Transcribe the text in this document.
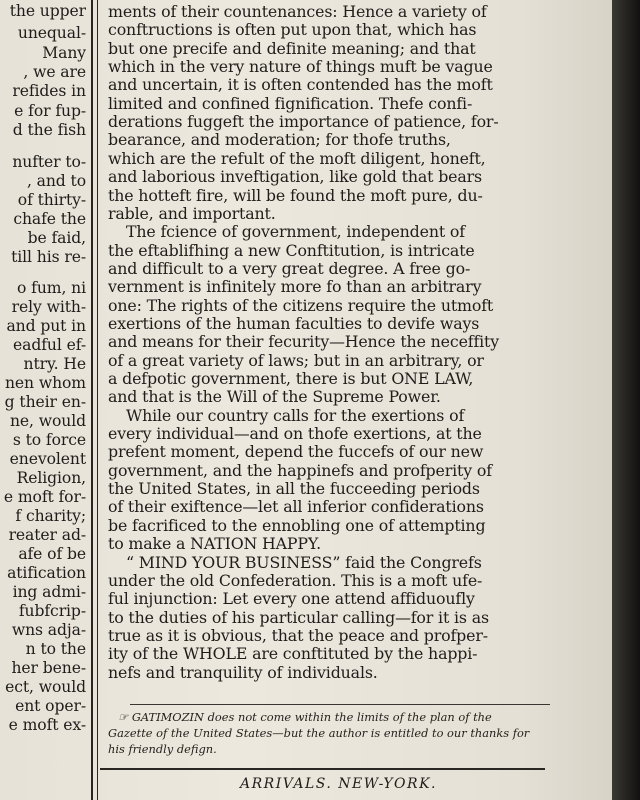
the upper
unequal-
Many
, we are
refides in
e for fup-
d the fish
nufter to-
, and to
of thirty-
chafe the
be faid,
till his re-
o fum, ni
rely with-
and put in
eadful ef-
ntry. He
nen whom
g their en-
ne, would
s to force
enevolent
Religion,
e moft for-
f charity;
reater ad-
afe of be
atification
ing admi-
fubfcrip-
wns adja-
n to the
her bene-
ect, would
ent oper-
e moft ex-
ments of their countenances: Hence a variety of
conftructions is often put upon that, which has
but one precife and definite meaning; and that
which in the very nature of things muft be vague
and uncertain, it is often contended has the moft
limited and confined fignification. Thefe confi-
derations fuggeft the importance of patience, for-
bearance, and moderation; for thofe truths,
which are the refult of the moft diligent, honeft,
and laborious inveftigation, like gold that bears
the hotteft fire, will be found the moft pure, du-
rable, and important.
The fcience of government, independent of
the eftablifhing a new Conftitution, is intricate
and difficult to a very great degree. A free go-
vernment is infinitely more fo than an arbitrary
one: The rights of the citizens require the utmoft
exertions of the human faculties to devife ways
and means for their fecurity—Hence the neceffity
of a great variety of laws; but in an arbitrary, or
a defpotic government, there is but ONE LAW,
and that is the Will of the Supreme Power.
While our country calls for the exertions of
every individual—and on thofe exertions, at the
prefent moment, depend the fuccefs of our new
government, and the happinefs and profperity of
the United States, in all the fucceeding periods
of their exiftence—let all inferior confiderations
be facrificed to the ennobling one of attempting
to make a NATION HAPPY.
“ MIND YOUR BUSINESS” faid the Congrefs
under the old Confederation. This is a moft ufe-
ful injunction: Let every one attend affiduoufly
to the duties of his particular calling—for it is as
true as it is obvious, that the peace and profper-
ity of the WHOLE are conftituted by the happi-
nefs and tranquility of individuals.
☞ GATIMOZIN does not come within the limits of the plan of the
Gazette of the United States—but the author is entitled to our thanks for
his friendly defign.
ARRIVALS. NEW-YORK.
